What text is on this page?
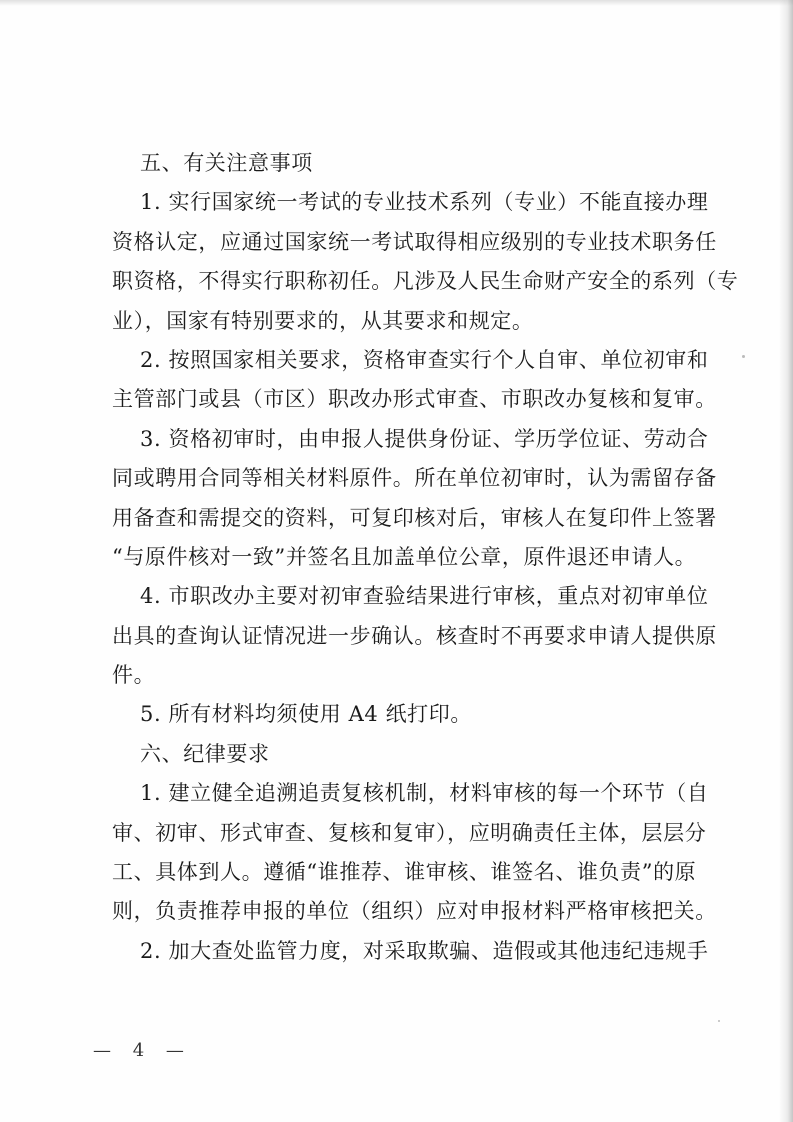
五、有关注意事项
1. 实行国家统一考试的专业技术系列（专业）不能直接办理
资格认定，应通过国家统一考试取得相应级别的专业技术职务任
职资格，不得实行职称初任。凡涉及人民生命财产安全的系列（专
业），国家有特别要求的，从其要求和规定。
2. 按照国家相关要求，资格审查实行个人自审、单位初审和
主管部门或县（市区）职改办形式审查、市职改办复核和复审。
3. 资格初审时，由申报人提供身份证、学历学位证、劳动合
同或聘用合同等相关材料原件。所在单位初审时，认为需留存备
用备查和需提交的资料，可复印核对后，审核人在复印件上签署
“与原件核对一致”并签名且加盖单位公章，原件退还申请人。
4. 市职改办主要对初审查验结果进行审核，重点对初审单位
出具的查询认证情况进一步确认。核查时不再要求申请人提供原
件。
5. 所有材料均须使用 A4 纸打印。
六、纪律要求
1. 建立健全追溯追责复核机制，材料审核的每一个环节（自
审、初审、形式审查、复核和复审），应明确责任主体，层层分
工、具体到人。遵循“谁推荐、谁审核、谁签名、谁负责”的原
则，负责推荐申报的单位（组织）应对申报材料严格审核把关。
2. 加大查处监管力度，对采取欺骗、造假或其他违纪违规手
— 4 —
